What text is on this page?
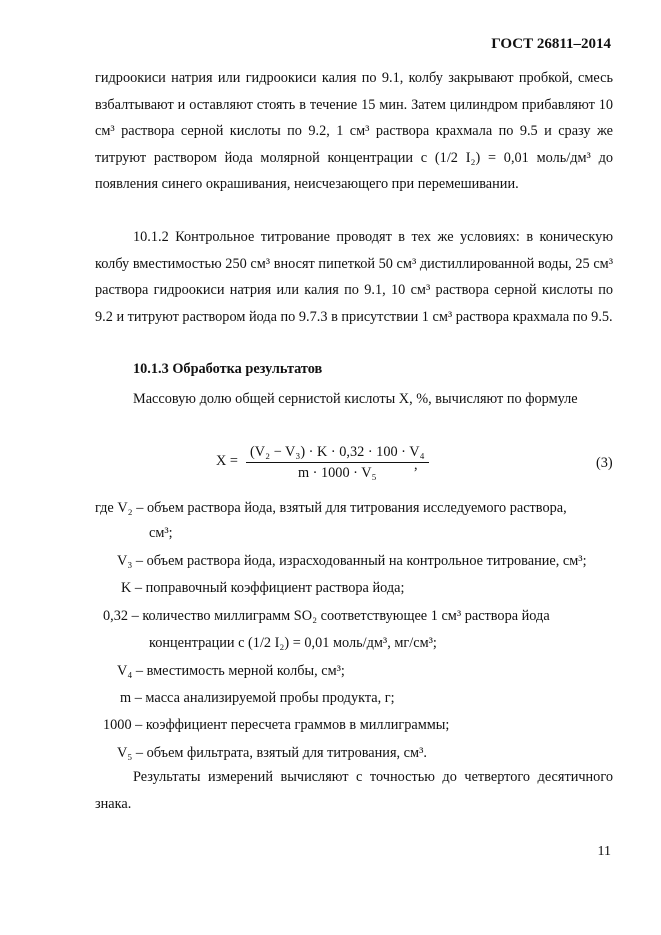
ГОСТ 26811–2014
гидроокиси натрия или гидроокиси калия по 9.1, колбу закрывают пробкой, смесь взбалтывают и оставляют стоять в течение 15 мин. Затем цилиндром прибавляют 10 см³ раствора серной кислоты по 9.2, 1 см³ раствора крахмала по 9.5 и сразу же титруют раствором йода молярной концентрации c (1/2 I₂) = 0,01 моль/дм³ до появления синего окрашивания, неисчезающего при перемешивании.
10.1.2 Контрольное титрование проводят в тех же условиях: в коническую колбу вместимостью 250 см³ вносят пипеткой 50 см³ дистиллированной воды, 25 см³ раствора гидроокиси натрия или калия по 9.1, 10 см³ раствора серной кислоты по 9.2 и титруют раствором йода по 9.7.3 в присутствии 1 см³ раствора крахмала по 9.5.
10.1.3 Обработка результатов
Массовую долю общей сернистой кислоты X, %, вычисляют по формуле
$X = \frac{\text{(V₂ − V₃) · K · 0,32 · 100 · V₄}}{\text{m · 1000 · V₅}}$
,	(3)
где V₂ – объем раствора йода, взятый для титрования исследуемого раствора,
см³;
V₃ – объем раствора йода, израсходованный на контрольное титрование, см³;
K – поправочный коэффициент раствора йода;
0,32 – количество миллиграмм SO₂ соответствующее 1 см³ раствора йода
концентрации c (1/2 I₂) = 0,01 моль/дм³, мг/см³;
V₄ – вместимость мерной колбы, см³;
m – масса анализируемой пробы продукта, г;
1000 – коэффициент пересчета граммов в миллиграммы;
V₅ – объем фильтрата, взятый для титрования, см³.
Результаты измерений вычисляют с точностью до четвертого десятичного знака.
11
